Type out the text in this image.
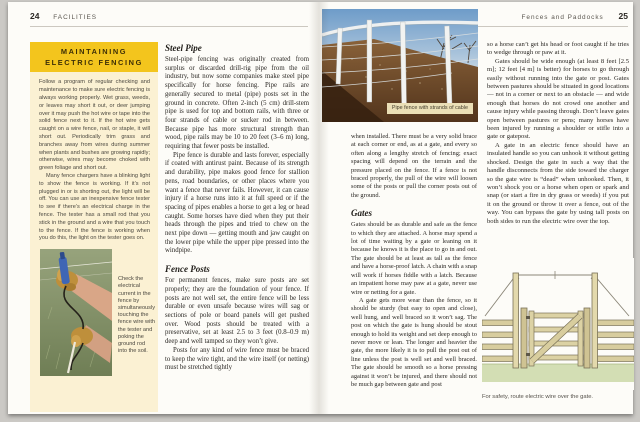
24 FACILITIES
MAINTAINING
ELECTRIC FENCING

Follow a program of regular checking and maintenance to make sure electric fencing is always working properly. Wet grass, weeds, or leaves may short it out, or deer jumping over it may push the hot wire or tape into the solid fence next to it. If the hot wire gets caught on a wire fence, nail, or staple, it will short out. Periodically trim grass and branches away from wires during summer when plants and bushes are growing rapidly; otherwise, wires may become choked with green foliage and short out.

Many fence chargers have a blinking light to show the fence is working. If it’s not plugged in or is shorting out, the light will be off. You can use an inexpensive fence tester to see if there’s an electrical charge in the fence. The tester has a small rod that you stick in the ground and a wire that you touch to the fence. If the fence is working when you do this, the light on the tester goes on.

Check the electrical current in the fence by simultaneously touching the fence wire with the tester and poking the ground rod into the soil.
Steel Pipe

Steel-pipe fencing was originally created from surplus or discarded drill-rig pipe from the oil industry, but now some companies make steel pipe specifically for horse fencing. Pipe rails are generally secured to metal (pipe) posts set in the ground in concrete. Often 2-inch (5 cm) drill-stem pipe is used for top and bottom rails, with three or four strands of cable or sucker rod in between. Because pipe has more structural strength than wood, pipe rails may be 10 to 20 feet (3–6 m) long, requiring that fewer posts be installed.

Pipe fence is durable and lasts forever, especially if coated with antirust paint. Because of its strength and durability, pipe makes good fence for stallion pens, road boundaries, or other places where you want a fence that never fails. However, it can cause injury if a horse runs into it at full speed or if the spacing of pipes enables a horse to get a leg or head caught. Some horses have died when they put their heads through the pipes and tried to chew on the next pipe down — getting mouth and jaw caught on the lower pipe while the upper pipe pressed into the windpipe.

Fence Posts

For permanent fences, make sure posts are set properly; they are the foundation of your fence. If posts are not well set, the entire fence will be less durable or even unsafe because wires will sag or sections of pole or board panels will get pushed over. Wood posts should be treated with a preservative, set at least 2.5 to 3 feet (0.8–0.9 m) deep and well tamped so they won’t give.

Posts for any kind of wire fence must be braced to keep the wire tight, and the wire itself (or netting) must be stretched tightly

Fences and Paddocks 25
Pipe fence with strands of cable

when installed. There must be a very solid brace at each corner or end, as at a gate, and every so often along a lengthy stretch of fencing; exact spacing will depend on the terrain and the pressure placed on the fence. If a fence is not braced properly, the pull of the wire will loosen some of the posts or pull the corner posts out of the ground.

Gates

Gates should be as durable and safe as the fence to which they are attached. A horse may spend a lot of time waiting by a gate or leaning on it because he knows it is the place to go in and out. The gate should be at least as tall as the fence and have a horse-proof latch. A chain with a snap will work if horses fiddle with a latch. Because an impatient horse may paw at a gate, never use wire or netting for a gate.

A gate gets more wear than the fence, so it should be sturdy (but easy to open and close), well hung, and well braced so it won’t sag. The post on which the gate is hung should be stout enough to hold its weight and set deep enough to never move or lean. The longer and heavier the gate, the more likely it is to pull the post out of line unless the post is well set and well braced. The gate should be smooth so a horse pressing against it won’t be injured, and there should not be much gap between gate and post

so a horse can’t get his head or foot caught if he tries to wedge through or paw at it.

Gates should be wide enough (at least 8 feet [2.5 m]; 12 feet [4 m] is better) for horses to go through easily without running into the gate or post. Gates between pastures should be situated in good locations — not in a corner or next to an obstacle — and wide enough that horses do not crowd one another and cause injury while passing through. Don’t leave gates open between pastures or pens; many horses have been injured by running a shoulder or stifle into a gate or gatepost.

A gate in an electric fence should have an insulated handle so you can unhook it without getting shocked. Design the gate in such a way that the handle disconnects from the side toward the charger so the gate wire is “dead” when unhooked. Then, it won’t shock you or a horse when open or spark and snap (or start a fire in dry grass or weeds) if you put it on the ground or throw it over a fence, out of the way. You can bypass the gate by using tall posts on both sides to run the electric wire over the top.

For safety, route electric wire over the gate.
